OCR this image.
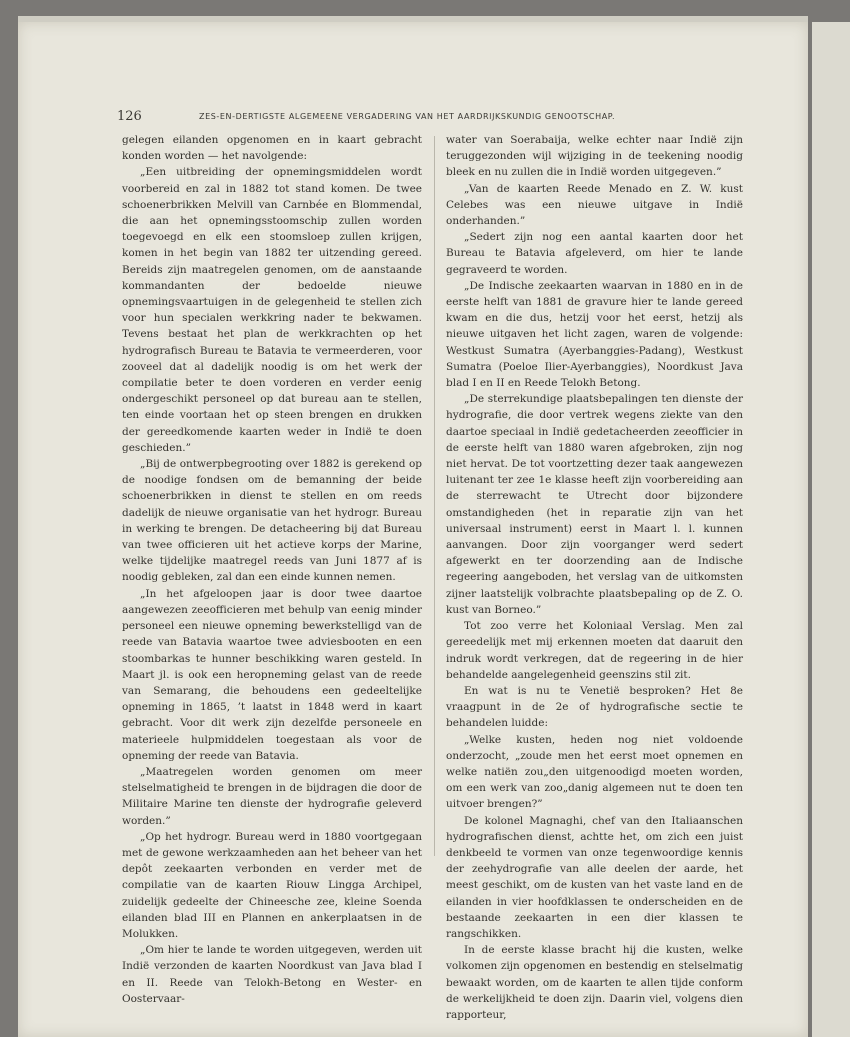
126	ZES-EN-DERTIGSTE ALGEMEENE VERGADERING VAN HET AARDRIJKSKUNDIG GENOOTSCHAP.

gelegen eilanden opgenomen en in kaart gebracht konden worden — het navolgende:

„Een uitbreiding der opnemingsmiddelen wordt voorbereid en zal in 1882 tot stand komen. De twee schoenerbrikken Melvill van Carnbée en Blommendal, die aan het opnemingsstoomschip zullen worden toegevoegd en elk een stoomsloep zullen krijgen, komen in het begin van 1882 ter uitzending gereed. Bereids zijn maatregelen genomen, om de aanstaande kommandanten der bedoelde nieuwe opnemingsvaartuigen in de gelegenheid te stellen zich voor hun specialen werkkring nader te bekwamen. Tevens bestaat het plan de werkkrachten op het hydrografisch Bureau te Batavia te vermeerderen, voor zooveel dat al dadelijk noodig is om het werk der compilatie beter te doen vorderen en verder eenig ondergeschikt personeel op dat bureau aan te stellen, ten einde voortaan het op steen brengen en drukken der gereedkomende kaarten weder in Indië te doen geschieden.”

„Bij de ontwerpbegrooting over 1882 is gerekend op de noodige fondsen om de bemanning der beide schoenerbrikken in dienst te stellen en om reeds dadelijk de nieuwe organisatie van het hydrogr. Bureau in werking te brengen. De detacheering bij dat Bureau van twee officieren uit het actieve korps der Marine, welke tijdelijke maatregel reeds van Juni 1877 af is noodig gebleken, zal dan een einde kunnen nemen.

„In het afgeloopen jaar is door twee daartoe aangewezen zeeofficieren met behulp van eenig minder personeel een nieuwe opneming bewerkstelligd van de reede van Batavia waartoe twee adviesbooten en een stoombarkas te hunner beschikking waren gesteld. In Maart jl. is ook een heropneming gelast van de reede van Semarang, die behoudens een gedeeltelijke opneming in 1865, ’t laatst in 1848 werd in kaart gebracht. Voor dit werk zijn dezelfde personeele en materieele hulpmiddelen toegestaan als voor de opneming der reede van Batavia.

„Maatregelen worden genomen om meer stelselmatigheid te brengen in de bijdragen die door de Militaire Marine ten dienste der hydrografie geleverd worden.”

„Op het hydrogr. Bureau werd in 1880 voortgegaan met de gewone werkzaamheden aan het beheer van het depôt zeekaarten verbonden en verder met de compilatie van de kaarten Riouw Lingga Archipel, zuidelijk gedeelte der Chineesche zee, kleine Soenda eilanden blad III en Plannen en ankerplaatsen in de Molukken.

„Om hier te lande te worden uitgegeven, werden uit Indië verzonden de kaarten Noordkust van Java blad I en II. Reede van Telokh-Betong en Wester- en Oostervaar-

water van Soerabaija, welke echter naar Indië zijn teruggezonden wijl wijziging in de teekening noodig bleek en nu zullen die in Indië worden uitgegeven.”

„Van de kaarten Reede Menado en Z. W. kust Celebes was een nieuwe uitgave in Indië onderhanden.”

„Sedert zijn nog een aantal kaarten door het Bureau te Batavia afgeleverd, om hier te lande gegraveerd te worden.

„De Indische zeekaarten waarvan in 1880 en in de eerste helft van 1881 de gravure hier te lande gereed kwam en die dus, hetzij voor het eerst, hetzij als nieuwe uitgaven het licht zagen, waren de volgende: Westkust Sumatra (Ayerbanggies-Padang), Westkust Sumatra (Poeloe Ilier-Ayerbanggies), Noordkust Java blad I en II en Reede Telokh Betong.

„De sterrekundige plaatsbepalingen ten dienste der hydrografie, die door vertrek wegens ziekte van den daartoe speciaal in Indië gedetacheerden zeeofficier in de eerste helft van 1880 waren afgebroken, zijn nog niet hervat. De tot voortzetting dezer taak aangewezen luitenant ter zee 1e klasse heeft zijn voorbereiding aan de sterrewacht te Utrecht door bijzondere omstandigheden (het in reparatie zijn van het universaal instrument) eerst in Maart l. l. kunnen aanvangen. Door zijn voorganger werd sedert afgewerkt en ter doorzending aan de Indische regeering aangeboden, het verslag van de uitkomsten zijner laatstelijk volbrachte plaatsbepaling op de Z. O. kust van Borneo.”

Tot zoo verre het Koloniaal Verslag. Men zal gereedelijk met mij erkennen moeten dat daaruit den indruk wordt verkregen, dat de regeering in de hier behandelde aangelegenheid geenszins stil zit.

En wat is nu te Venetië besproken? Het 8e vraagpunt in de 2e of hydrografische sectie te behandelen luidde:

„Welke kusten, heden nog niet voldoende onderzocht, „zoude men het eerst moet opnemen en welke natiën zou„den uitgenoodigd moeten worden, om een werk van zoo„danig algemeen nut te doen ten uitvoer brengen?”

De kolonel Magnaghi, chef van den Italiaanschen hydrografischen dienst, achtte het, om zich een juist denkbeeld te vormen van onze tegenwoordige kennis der zeehydrografie van alle deelen der aarde, het meest geschikt, om de kusten van het vaste land en de eilanden in vier hoofdklassen te onderscheiden en de bestaande zeekaarten in een dier klassen te rangschikken.

In de eerste klasse bracht hij die kusten, welke volkomen zijn opgenomen en bestendig en stelselmatig bewaakt worden, om de kaarten te allen tijde conform de werkelijkheid te doen zijn. Daarin viel, volgens dien rapporteur,
